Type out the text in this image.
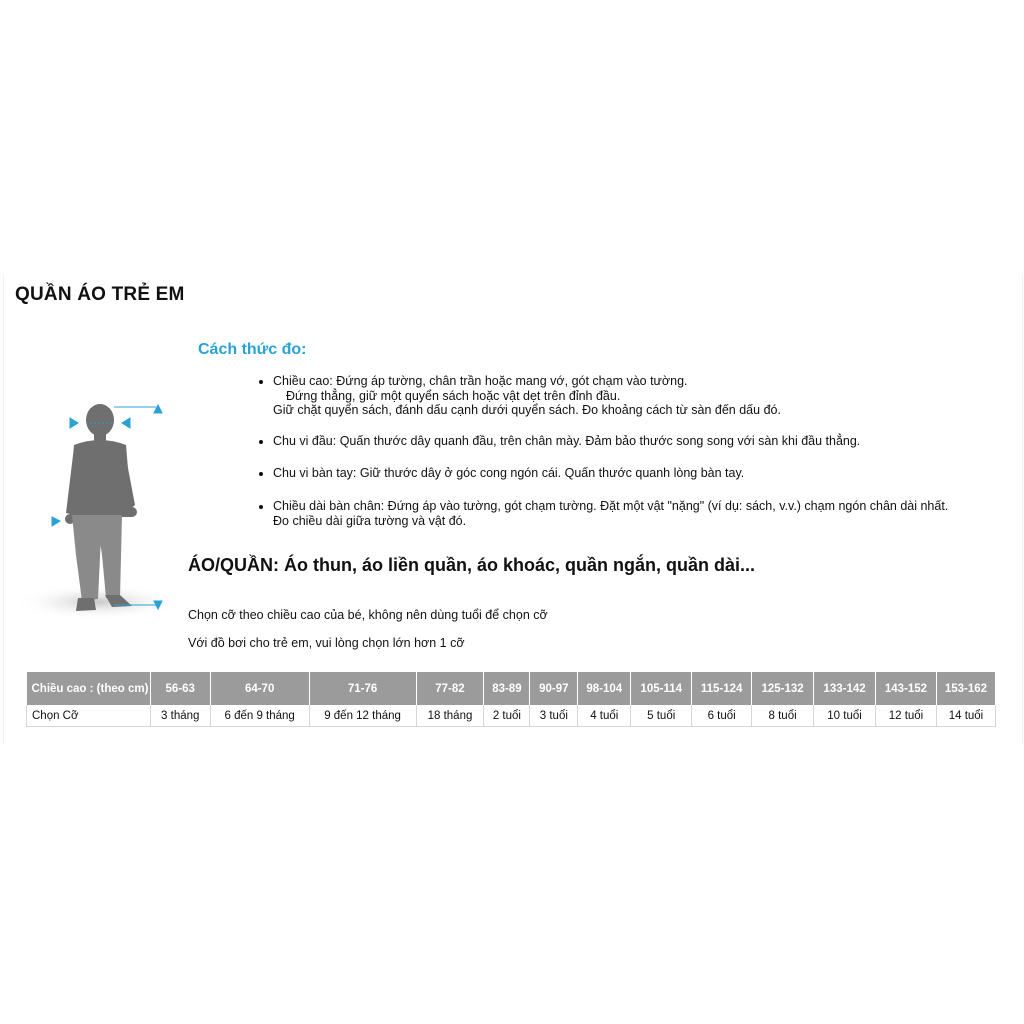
QUẦN ÁO TRẺ EM
Cách thức đo:
• Chiều cao: Đứng áp tường, chân trần hoặc mang vớ, gót chạm vào tường.
Đứng thẳng, giữ một quyển sách hoặc vật dẹt trên đỉnh đầu.
Giữ chặt quyển sách, đánh dấu cạnh dưới quyển sách. Đo khoảng cách từ sàn đến dấu đó.
• Chu vi đầu: Quấn thước dây quanh đầu, trên chân mày. Đảm bảo thước song song với sàn khi đầu thẳng.
• Chu vi bàn tay: Giữ thước dây ở góc cong ngón cái. Quấn thước quanh lòng bàn tay.
• Chiều dài bàn chân: Đứng áp vào tường, gót chạm tường. Đặt một vật "nặng" (ví dụ: sách, v.v.) chạm ngón chân dài nhất.
Đo chiều dài giữa tường và vật đó.
ÁO/QUẦN: Áo thun, áo liền quần, áo khoác, quần ngắn, quần dài...

Chọn cỡ theo chiều cao của bé, không nên dùng tuổi để chọn cỡ

Với đồ bơi cho trẻ em, vui lòng chọn lớn hơn 1 cỡ

Chiều cao : (theo cm)	56-63	64-70	71-76	77-82	83-89	90-97	98-104	105-114	115-124	125-132	133-142	143-152	153-162
Chọn Cỡ	3 tháng	6 đến 9 tháng	9 đến 12 tháng	18 tháng	2 tuổi	3 tuổi	4 tuổi	5 tuổi	6 tuổi	8 tuổi	10 tuổi	12 tuổi	14 tuổi
